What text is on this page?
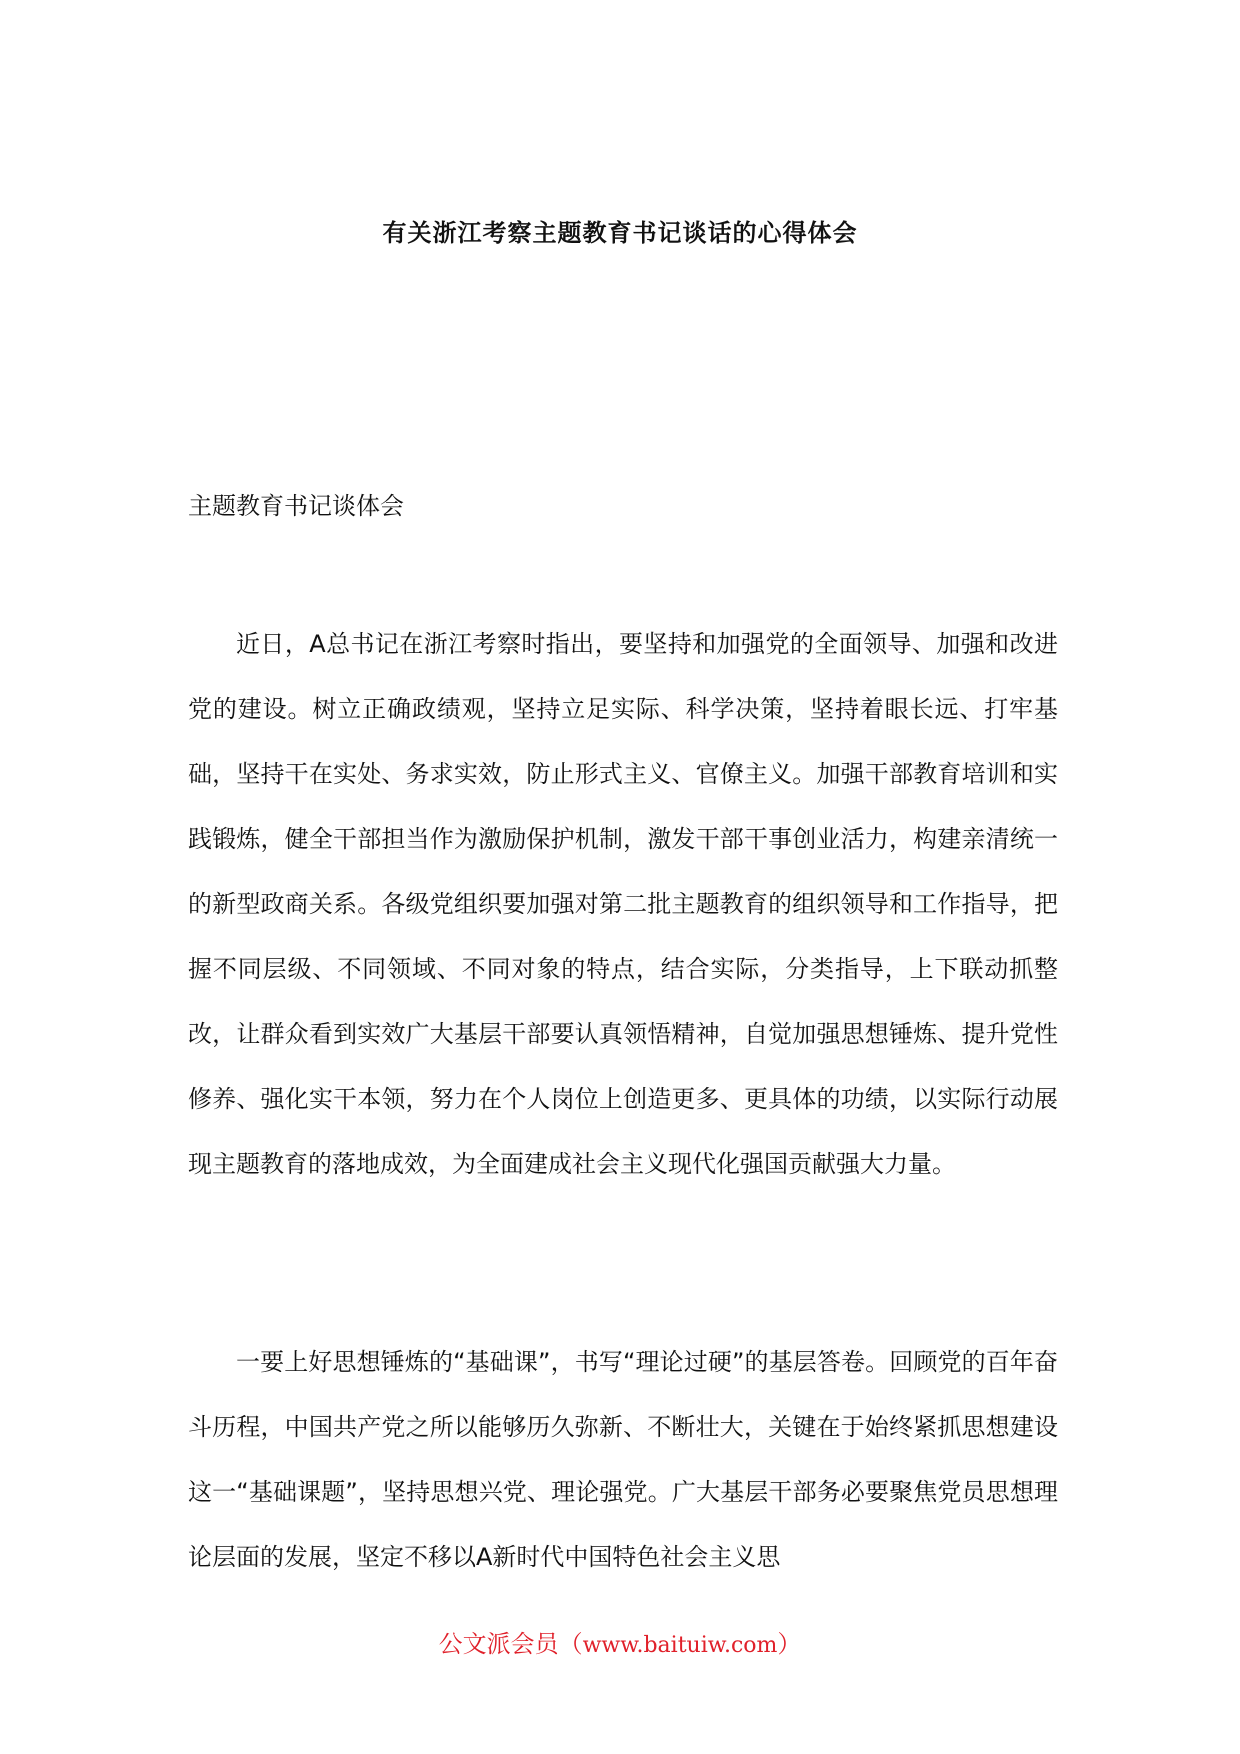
有关浙江考察主题教育书记谈话的心得体会
主题教育书记谈体会

近日，A总书记在浙江考察时指出，要坚持和加强党的全面领导、加强和改进党的建设。树立正确政绩观，坚持立足实际、科学决策，坚持着眼长远、打牢基础，坚持干在实处、务求实效，防止形式主义、官僚主义。加强干部教育培训和实践锻炼，健全干部担当作为激励保护机制，激发干部干事创业活力，构建亲清统一的新型政商关系。各级党组织要加强对第二批主题教育的组织领导和工作指导，把握不同层级、不同领域、不同对象的特点，结合实际，分类指导，上下联动抓整改，让群众看到实效广大基层干部要认真领悟精神，自觉加强思想锤炼、提升党性修养、强化实干本领，努力在个人岗位上创造更多、更具体的功绩，以实际行动展现主题教育的落地成效，为全面建成社会主义现代化强国贡献强大力量。

一要上好思想锤炼的“基础课”，书写“理论过硬”的基层答卷。回顾党的百年奋斗历程，中国共产党之所以能够历久弥新、不断壮大，关键在于始终紧抓思想建设这一“基础课题”，坚持思想兴党、理论强党。广大基层干部务必要聚焦党员思想理论层面的发展，坚定不移以A新时代中国特色社会主义思

公文派会员（www.baituiw.com）
